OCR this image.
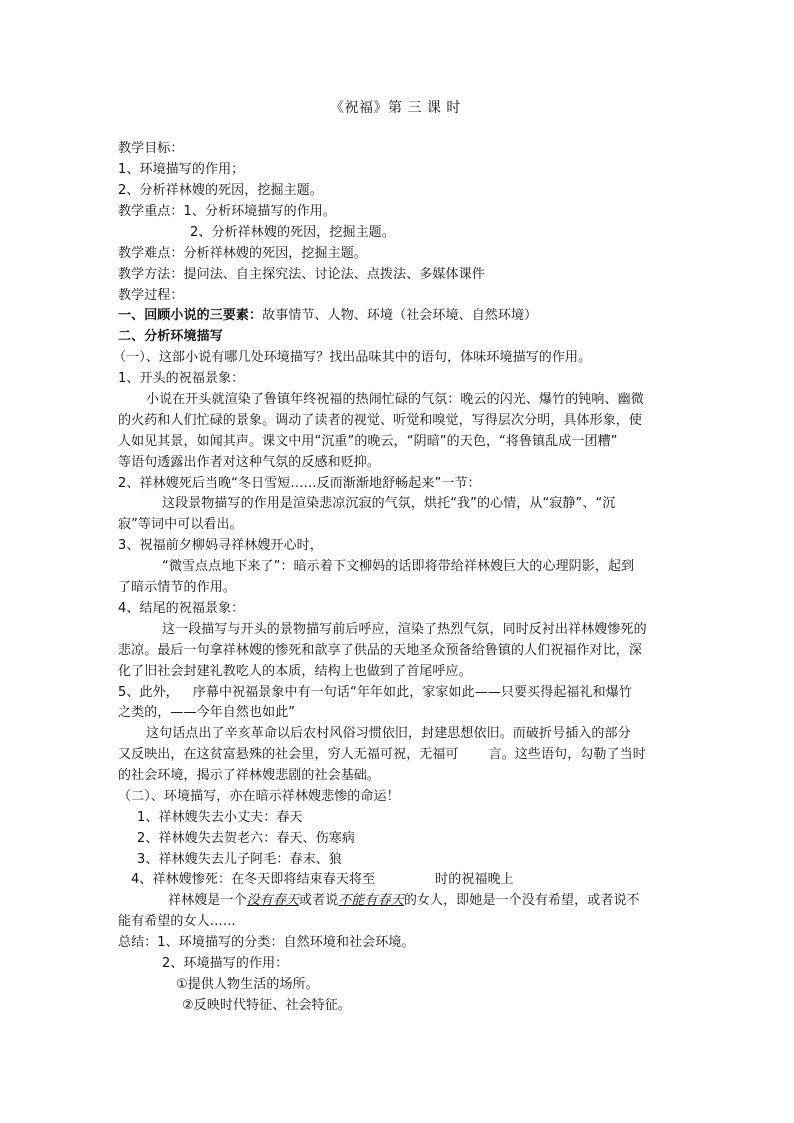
《祝福》第 三 课 时
教学目标：
1、环境描写的作用；
2、分析祥林嫂的死因，挖掘主题。
教学重点：1、分析环境描写的作用。
2、分析祥林嫂的死因，挖掘主题。
教学难点：分析祥林嫂的死因，挖掘主题。
教学方法：提问法、自主探究法、讨论法、点拨法、多媒体课件
教学过程：
一、回顾小说的三要素：故事情节、人物、环境（社会环境、自然环境）
二、分析环境描写
（一）、这部小说有哪几处环境描写？找出品味其中的语句，体味环境描写的作用。
1、开头的祝福景象：
小说在开头就渲染了鲁镇年终祝福的热闹忙碌的气氛：晚云的闪光、爆竹的钝响、幽微
的火药和人们忙碌的景象。调动了读者的视觉、听觉和嗅觉，写得层次分明，具体形象，使
人如见其景，如闻其声。课文中用“沉重”的晚云，“阴暗”的天色，“将鲁镇乱成一团糟”
等语句透露出作者对这种气氛的反感和贬抑。
2、祥林嫂死后当晚“冬日雪短……反而渐渐地舒畅起来”一节：
这段景物描写的作用是渲染悲凉沉寂的气氛，烘托“我”的心情，从“寂静”、“沉
寂”等词中可以看出。
3、祝福前夕柳妈寻祥林嫂开心时，
“微雪点点地下来了”：暗示着下文柳妈的话即将带给祥林嫂巨大的心理阴影，起到
了暗示情节的作用。
4、结尾的祝福景象：
这一段描写与开头的景物描写前后呼应，渲染了热烈气氛，同时反衬出祥林嫂惨死的
悲凉。最后一句拿祥林嫂的惨死和歆享了供品的天地圣众预备给鲁镇的人们祝福作对比，深
化了旧社会封建礼教吃人的本质，结构上也做到了首尾呼应。
5、此外， 序幕中祝福景象中有一句话“年年如此，家家如此——只要买得起福礼和爆竹
之类的，——今年自然也如此”
这句话点出了辛亥革命以后农村风俗习惯依旧，封建思想依旧。而破折号插入的部分
又反映出，在这贫富悬殊的社会里，穷人无福可祝，无福可 言。这些语句，勾勒了当时
的社会环境，揭示了祥林嫂悲剧的社会基础。
（二）、环境描写，亦在暗示祥林嫂悲惨的命运！
1、祥林嫂失去小丈夫：春天
2、祥林嫂失去贺老六：春天、伤寒病
3、祥林嫂失去儿子阿毛：春末、狼
4、祥林嫂惨死：在冬天即将结束春天将至	时的祝福晚上
祥林嫂是一个没有春天或者说不能有春天的女人，即她是一个没有希望，或者说不
能有希望的女人……
总结：1、环境描写的分类：自然环境和社会环境。
2、环境描写的作用：
①提供人物生活的场所。
②反映时代特征、社会特征。
